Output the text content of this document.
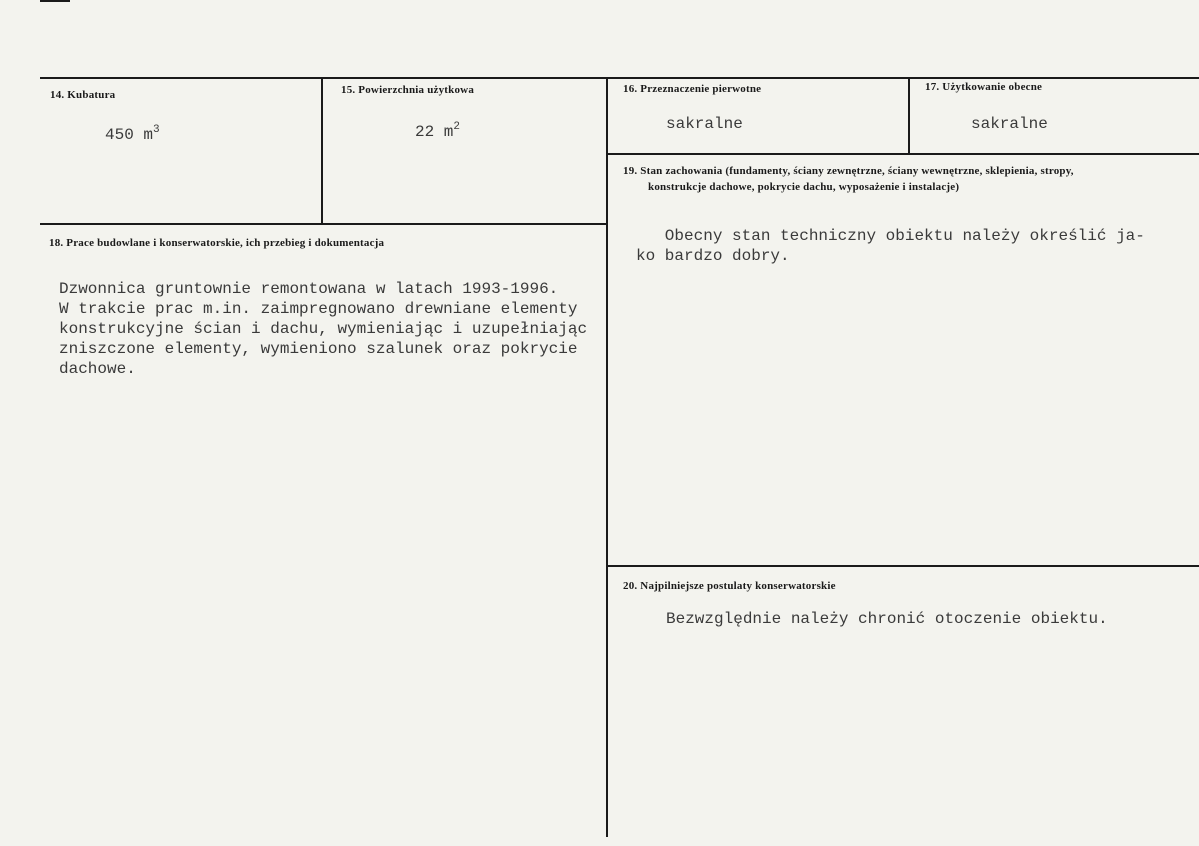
14. Kubatura
450 $m^3$
15. Powierzchnia użytkowa
22 $m^2$
16. Przeznaczenie pierwotne
sakralne
17. Użytkowanie obecne
sakralne
18. Prace budowlane i konserwatorskie, ich przebieg i dokumentacja
Dzwonnica gruntownie remontowana w latach 1993-1996.
W trakcie prac m.in. zaimpregnowano drewniane elementy
konstrukcyjne ścian i dachu, wymieniając i uzupełniając
zniszczone elementy, wymieniono szalunek oraz pokrycie
dachowe.
19. Stan zachowania (fundamenty, ściany zewnętrzne, ściany wewnętrzne, sklepienia, stropy,
konstrukcje dachowe, pokrycie dachu, wyposażenie i instalacje)
Obecny stan techniczny obiektu należy określić ja-
ko bardzo dobry.
20. Najpilniejsze postulaty konserwatorskie
Bezwzględnie należy chronić otoczenie obiektu.
